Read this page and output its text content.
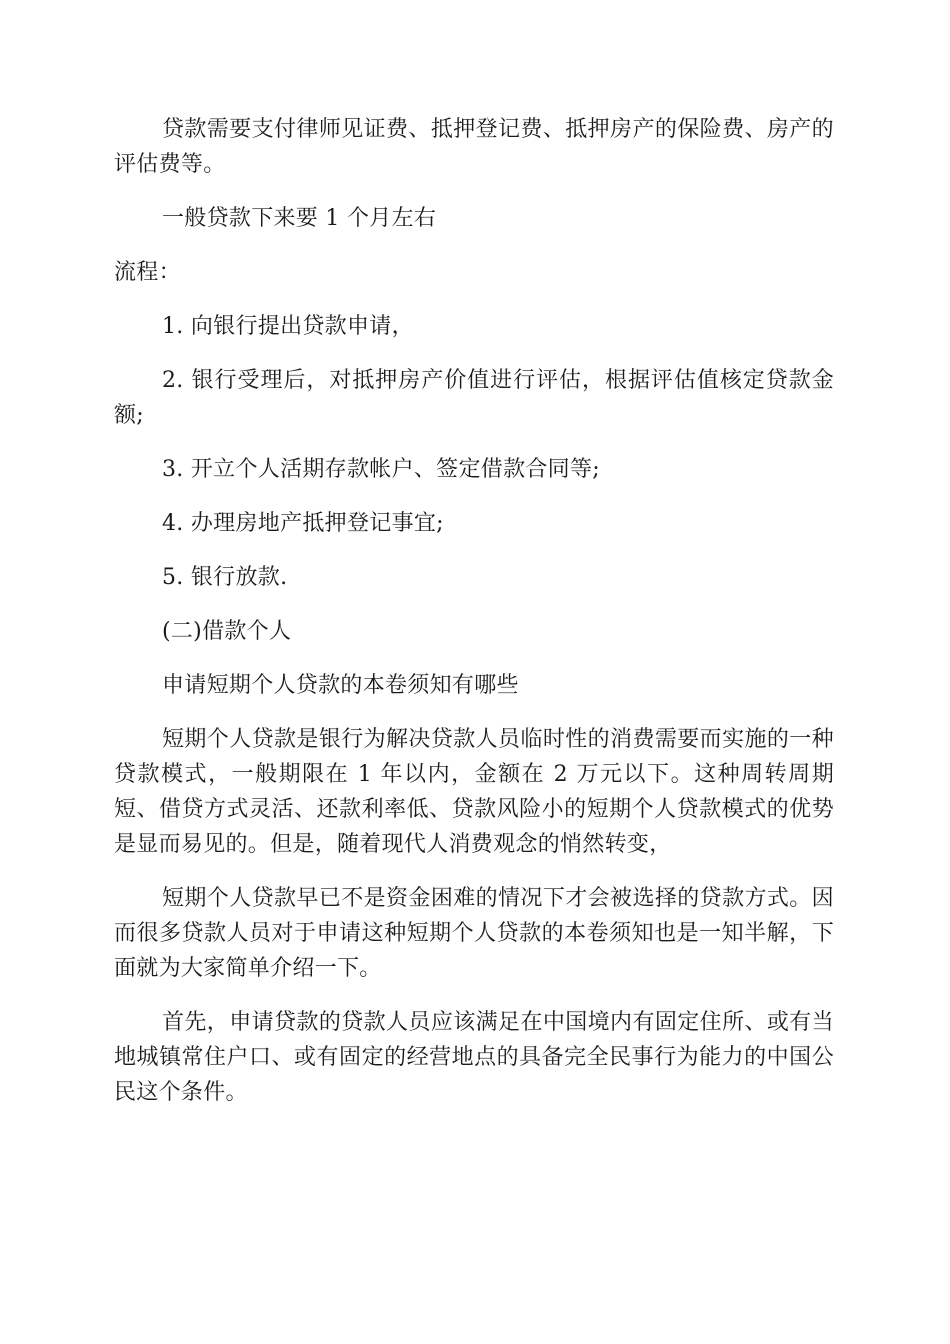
贷款需要支付律师见证费、抵押登记费、抵押房产的保险费、房产的评估费等。

一般贷款下来要 1 个月左右

流程：

1. 向银行提出贷款申请，

2. 银行受理后，对抵押房产价值进行评估，根据评估值核定贷款金额;

3. 开立个人活期存款帐户、签定借款合同等;

4. 办理房地产抵押登记事宜;

5. 银行放款.

(二)借款个人

申请短期个人贷款的本卷须知有哪些

短期个人贷款是银行为解决贷款人员临时性的消费需要而实施的一种贷款模式，一般期限在 1 年以内，金额在 2 万元以下。这种周转周期短、借贷方式灵活、还款利率低、贷款风险小的短期个人贷款模式的优势是显而易见的。但是，随着现代人消费观念的悄然转变，

短期个人贷款早已不是资金困难的情况下才会被选择的贷款方式。因而很多贷款人员对于申请这种短期个人贷款的本卷须知也是一知半解，下面就为大家简单介绍一下。

首先，申请贷款的贷款人员应该满足在中国境内有固定住所、或有当地城镇常住户口、或有固定的经营地点的具备完全民事行为能力的中国公民这个条件。
